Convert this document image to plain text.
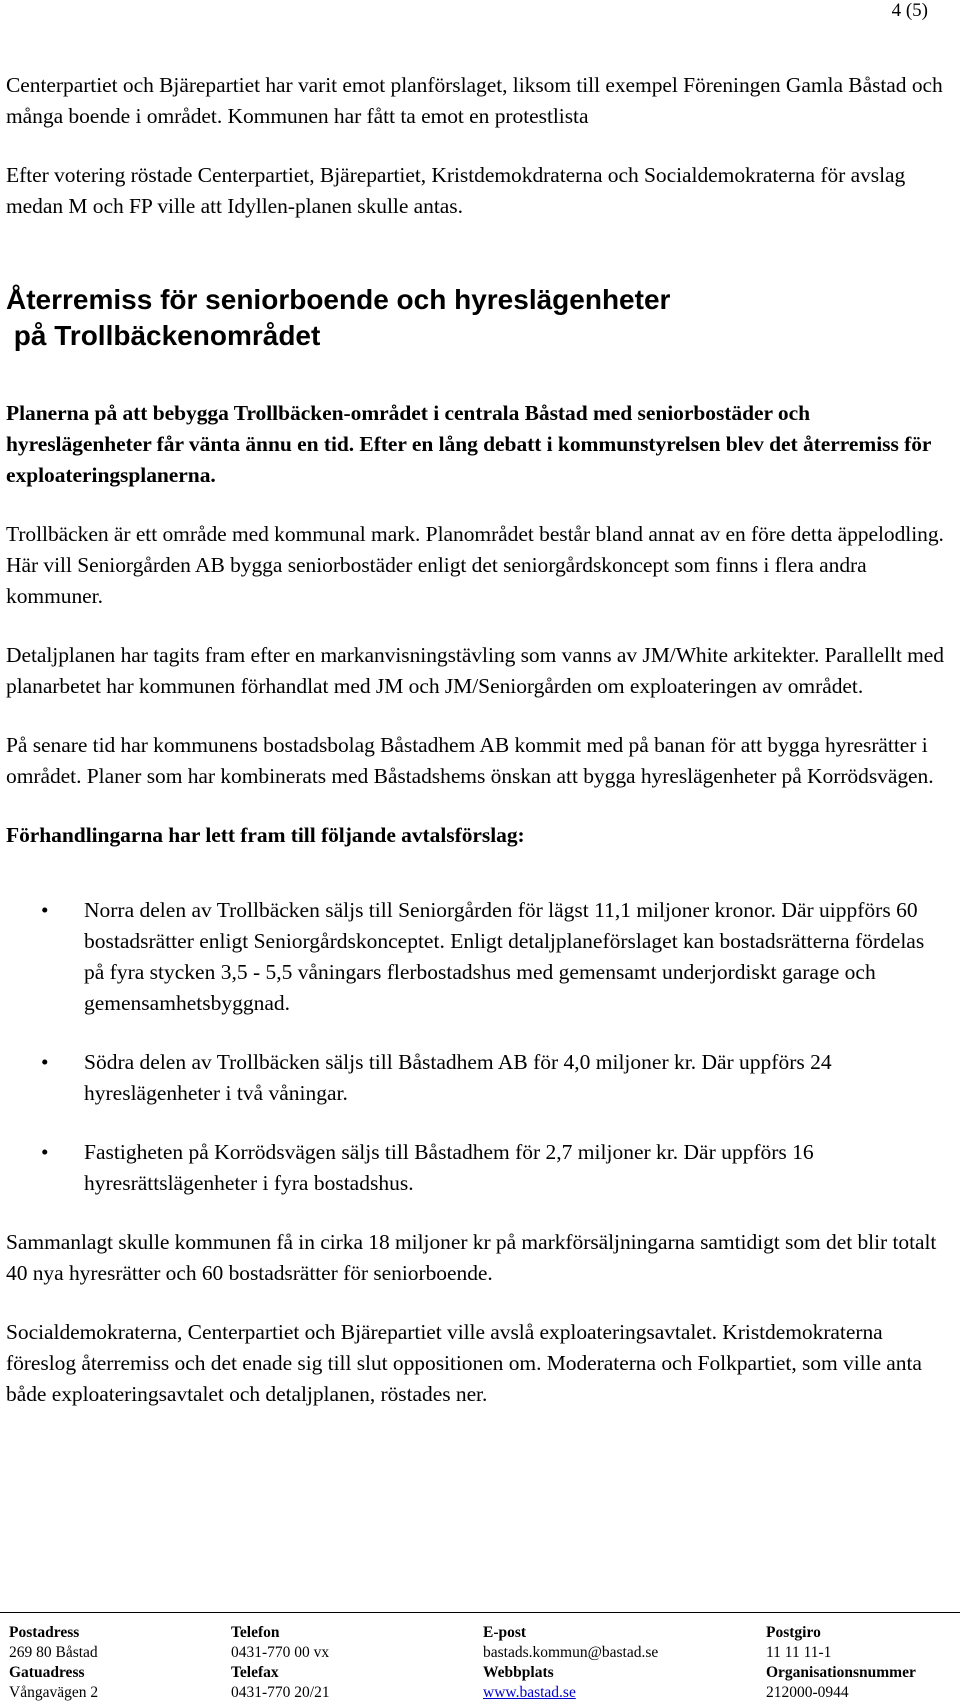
4 (5)

Centerpartiet och Bjärepartiet har varit emot planförslaget, liksom till exempel Föreningen Gamla Båstad och många boende i området. Kommunen har fått ta emot en protestlista

Efter votering röstade Centerpartiet, Bjärepartiet, Kristdemokdraterna och Socialdemokraterna för avslag medan M och FP ville att Idyllen-planen skulle antas.

Återremiss för seniorboende och hyreslägenheter
på Trollbäckenområdet

Planerna på att bebygga Trollbäcken-området i centrala Båstad med seniorbostäder och hyreslägenheter får vänta ännu en tid. Efter en lång debatt i kommunstyrelsen blev det återremiss för exploateringsplanerna.

Trollbäcken är ett område med kommunal mark. Planområdet består bland annat av en före detta äppelodling. Här vill Seniorgården AB bygga seniorbostäder enligt det seniorgårdskoncept som finns i flera andra kommuner.

Detaljplanen har tagits fram efter en markanvisningstävling som vanns av JM/White arkitekter. Parallellt med planarbetet har kommunen förhandlat med JM och JM/Seniorgården om exploateringen av området.

På senare tid har kommunens bostadsbolag Båstadhem AB kommit med på banan för att bygga hyresrätter i området. Planer som har kombinerats med Båstadshems önskan att bygga hyreslägenheter på Korrödsvägen.

Förhandlingarna har lett fram till följande avtalsförslag:

• Norra delen av Trollbäcken säljs till Seniorgården för lägst 11,1 miljoner kronor. Där uippförs 60 bostadsrätter enligt Seniorgårdskonceptet. Enligt detaljplaneförslaget kan bostadsrätterna fördelas på fyra stycken 3,5 - 5,5 våningars flerbostadshus med gemensamt underjordiskt garage och gemensamhetsbyggnad.
• Södra delen av Trollbäcken säljs till Båstadhem AB för 4,0 miljoner kr. Där uppförs 24 hyreslägenheter i två våningar.
• Fastigheten på Korrödsvägen säljs till Båstadhem för 2,7 miljoner kr. Där uppförs 16 hyresrättslägenheter i fyra bostadshus.

Sammanlagt skulle kommunen få in cirka 18 miljoner kr på markförsäljningarna samtidigt som det blir totalt 40 nya hyresrätter och 60 bostadsrätter för seniorboende.

Socialdemokraterna, Centerpartiet och Bjärepartiet ville avslå exploateringsavtalet. Kristdemokraterna föreslog återremiss och det enade sig till slut oppositionen om. Moderaterna och Folkpartiet, som ville anta både exploateringsavtalet och detaljplanen, röstades ner.

Postadress	Telefon	E-post	Postgiro
269 80 Båstad	0431-770 00 vx	bastads.kommun@bastad.se	11 11 11-1
Gatuadress	Telefax	Webbplats	Organisationsnummer
Vångavägen 2	0431-770 20/21	www.bastad.se	212000-0944
